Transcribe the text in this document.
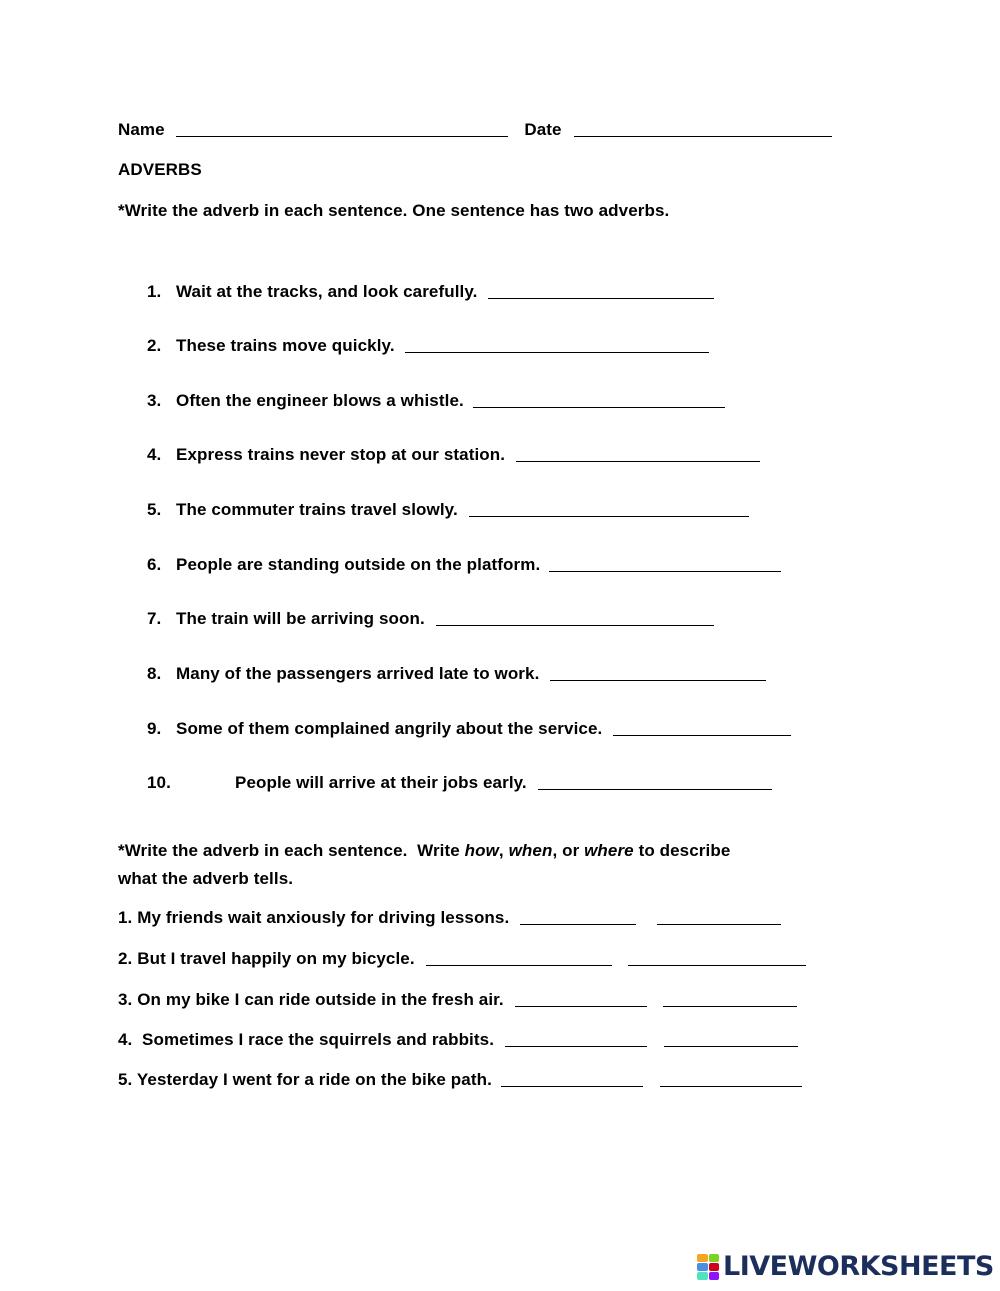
Name	Date
ADVERBS
*Write the adverb in each sentence. One sentence has two adverbs.
1. Wait at the tracks, and look carefully.
2. These trains move quickly.
3. Often the engineer blows a whistle.
4. Express trains never stop at our station.
5. The commuter trains travel slowly.
6. People are standing outside on the platform.
7. The train will be arriving soon.
8. Many of the passengers arrived late to work.
9. Some of them complained angrily about the service.
10.	People will arrive at their jobs early.
*Write the adverb in each sentence.  Write how, when, or where to describe
what the adverb tells.
1. My friends wait anxiously for driving lessons.
2. But I travel happily on my bicycle.
3. On my bike I can ride outside in the fresh air.
4.  Sometimes I race the squirrels and rabbits.
5. Yesterday I went for a ride on the bike path.
LIVEWORKSHEETS
